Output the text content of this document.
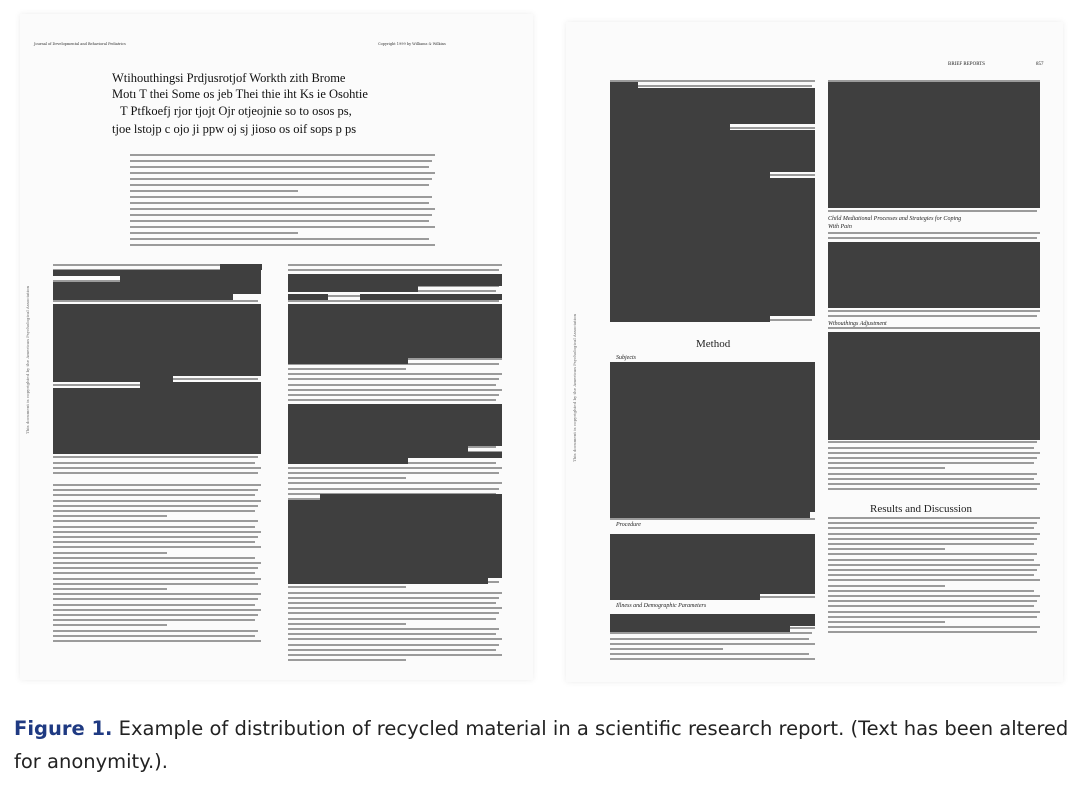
Journal of Developmental and Behavioral Pediatrics	Copyright 1999 by Williams & Wilkins
Wtihouthingsi Prdjusrotjof Workth zith Brome
Motı T thei Some os jeb Thei thie iht Ks ie Osohtie
T Ptfkoefj rjor tjojt Ojr otjeojnie so to osos ps,
tjoe lstojp c ojo ji ppw oj sj jioso os oif sops p ps
This document is copyrighted by the American Psychological Association
BRIEF REPORTS	857
This document is copyrighted by the American Psychological Association	Method
Results and Discussion
Child Mediational Processes and Strategies for Coping
With Pain
Wthouthings Adjustment
Subjects
Procedure
Illness and Demographic Parameters
Figure 1. Example of distribution of recycled material in a scientific research report. (Text has been altered for anonymity.).
